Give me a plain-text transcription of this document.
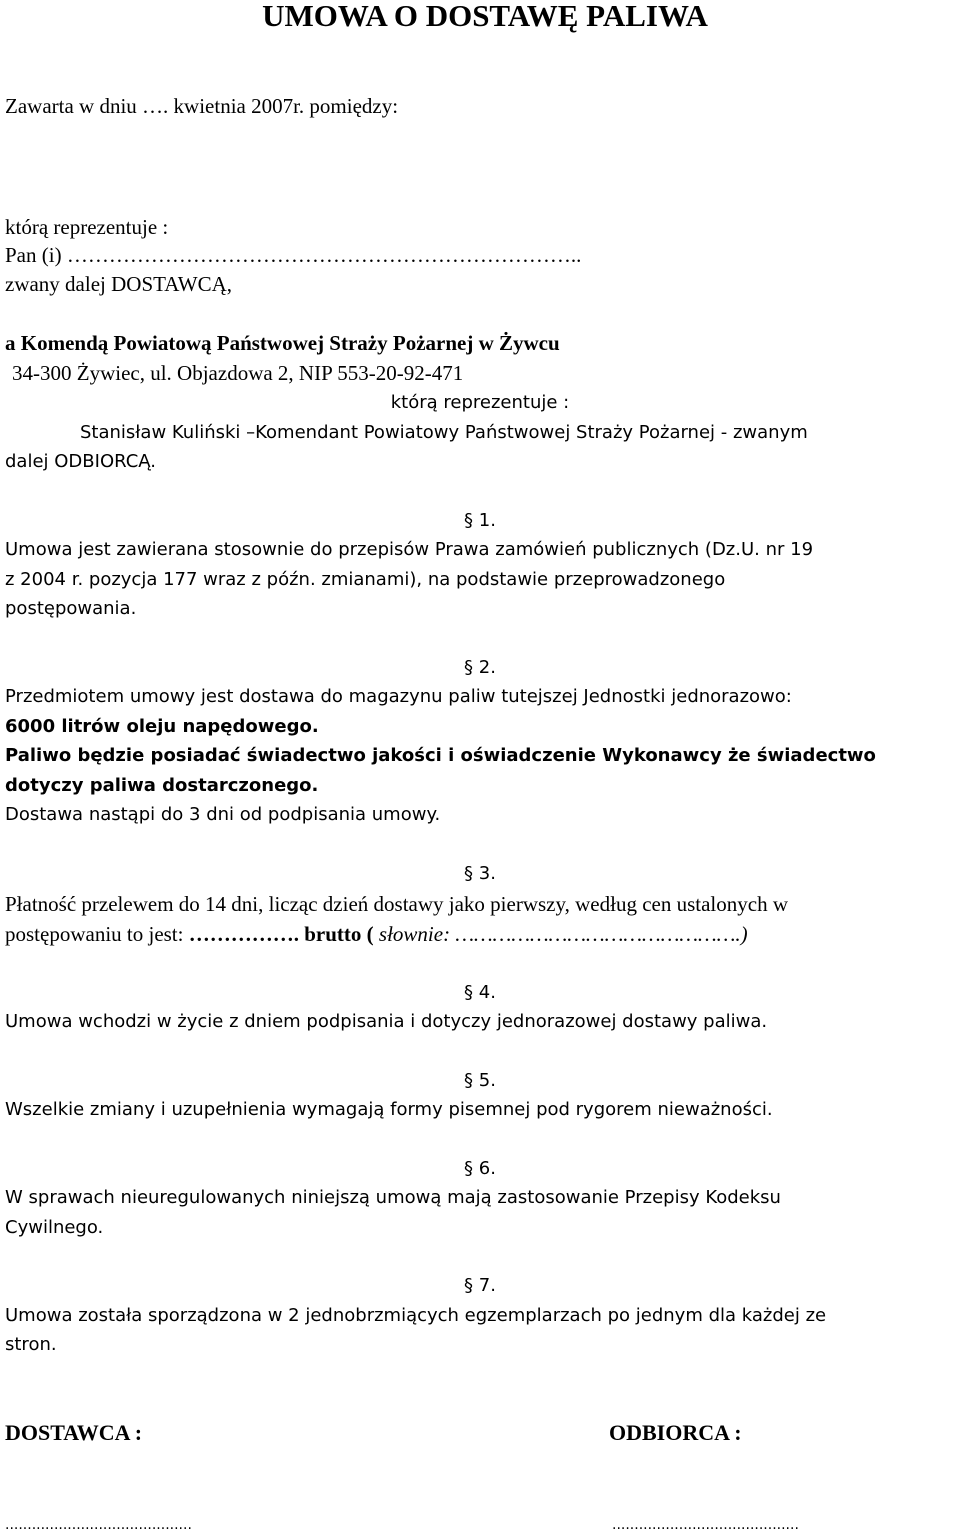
UMOWA O DOSTAWĘ PALIWA

Zawarta w dniu …. kwietnia 2007r. pomiędzy:

którą reprezentuje :

Pan (i) ………………………………………………………………..

zwany dalej DOSTAWCĄ,

a Komendą Powiatową Państwowej Straży Pożarnej w Żywcu

34-300 Żywiec, ul. Objazdowa 2, NIP 553-20-92-471

którą reprezentuje :

Stanisław Kuliński –Komendant Powiatowy Państwowej Straży Pożarnej - zwanym

dalej ODBIORCĄ.

§ 1.

Umowa jest zawierana stosownie do przepisów Prawa zamówień publicznych (Dz.U. nr 19

z 2004 r. pozycja 177 wraz z późn. zmianami), na podstawie przeprowadzonego

postępowania.

§ 2.

Przedmiotem umowy jest dostawa do magazynu paliw tutejszej Jednostki jednorazowo:

6000 litrów oleju napędowego.

Paliwo będzie posiadać świadectwo jakości i oświadczenie Wykonawcy że świadectwo

dotyczy paliwa dostarczonego.

Dostawa nastąpi do 3 dni od podpisania umowy.

§ 3.

Płatność przelewem do 14 dni, licząc dzień dostawy jako pierwszy, według cen ustalonych w

postępowaniu to jest: ……………. brutto ( słownie: ……………………………………….)

§ 4.

Umowa wchodzi w życie z dniem podpisania i dotyczy jednorazowej dostawy paliwa.

§ 5.

Wszelkie zmiany i uzupełnienia wymagają formy pisemnej pod rygorem nieważności.

§ 6.

W sprawach nieuregulowanych niniejszą umową mają zastosowanie Przepisy Kodeksu

Cywilnego.

§ 7.

Umowa została sporządzona w 2 jednobrzmiących egzemplarzach po jednym dla każdej ze

stron.

DOSTAWCA :	ODBIORCA :
..........................................	..........................................
